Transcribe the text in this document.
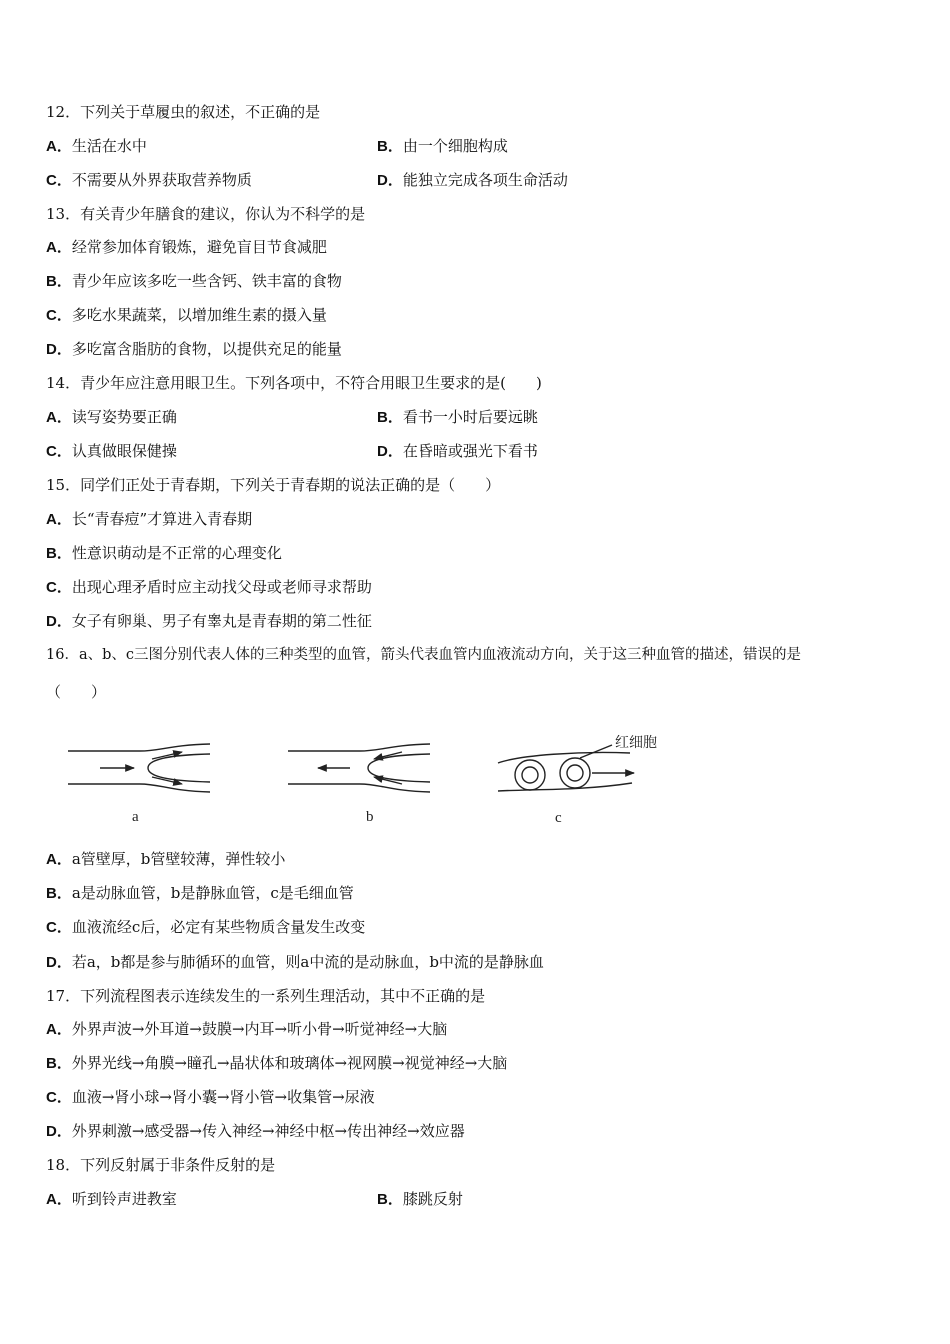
12．下列关于草履虫的叙述，不正确的是
A．生活在水中	B．由一个细胞构成
C．不需要从外界获取营养物质	D．能独立完成各项生命活动
13．有关青少年膳食的建议，你认为不科学的是
A．经常参加体育锻炼，避免盲目节食减肥
B．青少年应该多吃一些含钙、铁丰富的食物
C．多吃水果蔬菜，以增加维生素的摄入量
D．多吃富含脂肪的食物，以提供充足的能量
14．青少年应注意用眼卫生。下列各项中，不符合用眼卫生要求的是(　　)
A．读写姿势要正确	B．看书一小时后要远眺
C．认真做眼保健操	D．在昏暗或强光下看书
15．同学们正处于青春期，下列关于青春期的说法正确的是（　　）
A．长“青春痘”才算进入青春期
B．性意识萌动是不正常的心理变化
C．出现心理矛盾时应主动找父母或老师寻求帮助
D．女子有卵巢、男子有睾丸是青春期的第二性征
16．a、b、c三图分别代表人体的三种类型的血管，箭头代表血管内血液流动方向，关于这三种血管的描述，错误的是
（　　）
a	b
红细胞
c
A．a管壁厚，b管壁较薄，弹性较小
B．a是动脉血管，b是静脉血管，c是毛细血管
C．血液流经c后，必定有某些物质含量发生改变
D．若a，b都是参与肺循环的血管，则a中流的是动脉血，b中流的是静脉血
17．下列流程图表示连续发生的一系列生理活动，其中不正确的是
A．外界声波→外耳道→鼓膜→内耳→听小骨→听觉神经→大脑
B．外界光线→角膜→瞳孔→晶状体和玻璃体→视网膜→视觉神经→大脑
C．血液→肾小球→肾小囊→肾小管→收集管→尿液
D．外界刺激→感受器→传入神经→神经中枢→传出神经→效应器
18．下列反射属于非条件反射的是
A．听到铃声进教室	B．膝跳反射
